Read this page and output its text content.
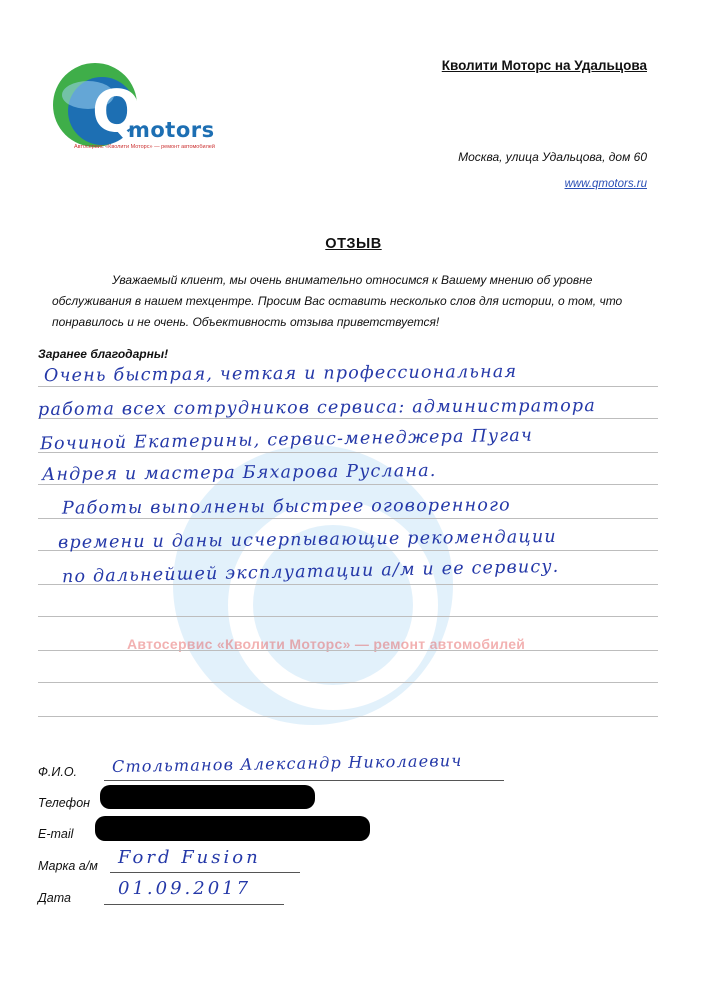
Q
motors
Автосервис «Кволити Моторс» — ремонт автомобилей
Кволити Моторс на Удальцова
Москва, улица Удальцова, дом 60
www.qmotors.ru
ОТЗЫВ
Уважаемый клиент, мы очень внимательно относимся к Вашему мнению об уровне обслуживания в нашем техцентре. Просим Вас оставить несколько слов для истории, о том, что понравилось и не очень. Объективность отзыва приветствуется!
Заранее благодарны!
Автосервис «Кволити Моторс» — ремонт автомобилей
Очень быстрая, четкая и профессиональная
работа всех сотрудников сервиса: администратора
Бочиной Екатерины, сервис-менеджера Пугач
Андрея и мастера Бяхарова Руслана.
Работы выполнены быстрее оговоренного
времени и даны исчерпывающие рекомендации
по дальнейшей эксплуатации а/м и ее сервису.
Ф.И.О. Стольтанов Александр Николаевич
Телефон
E-mail
Марка а/м Ford Fusion
Дата	01.09.2017
